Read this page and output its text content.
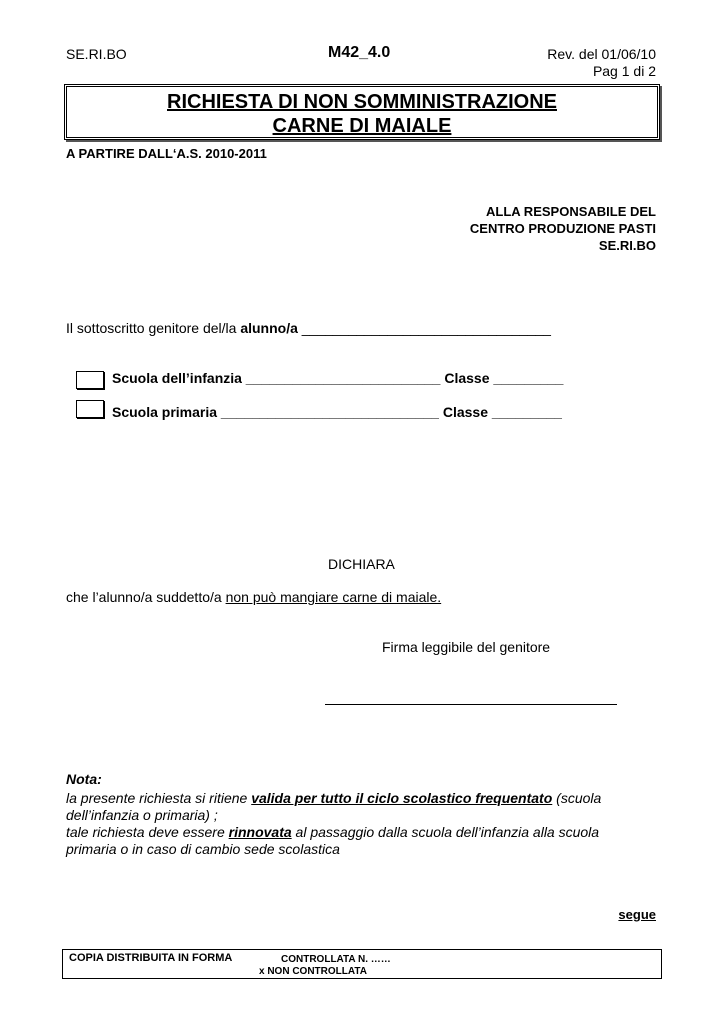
SE.RI.BO	M42_4.0	Rev. del 01/06/10
Pag 1 di 2
RICHIESTA DI NON SOMMINISTRAZIONE
CARNE DI MAIALE
A PARTIRE DALL‘A.S. 2010-2011
ALLA RESPONSABILE DEL
CENTRO PRODUZIONE PASTI
SE.RI.BO
Il sottoscritto genitore del/la alunno/a ________________________________
Scuola dell’infanzia _________________________ Classe _________
Scuola primaria ____________________________ Classe _________
DICHIARA
che l’alunno/a suddetto/a non può mangiare carne di maiale.
Firma leggibile del genitore
Nota:
la presente richiesta si ritiene valida per tutto il ciclo scolastico frequentato (scuola
dell’infanzia o primaria) ;
tale richiesta deve essere rinnovata al passaggio dalla scuola dell’infanzia alla scuola
primaria o in caso di cambio sede scolastica
segue
COPIA DISTRIBUITA IN FORMA	CONTROLLATA N. ……
x NON CONTROLLATA
